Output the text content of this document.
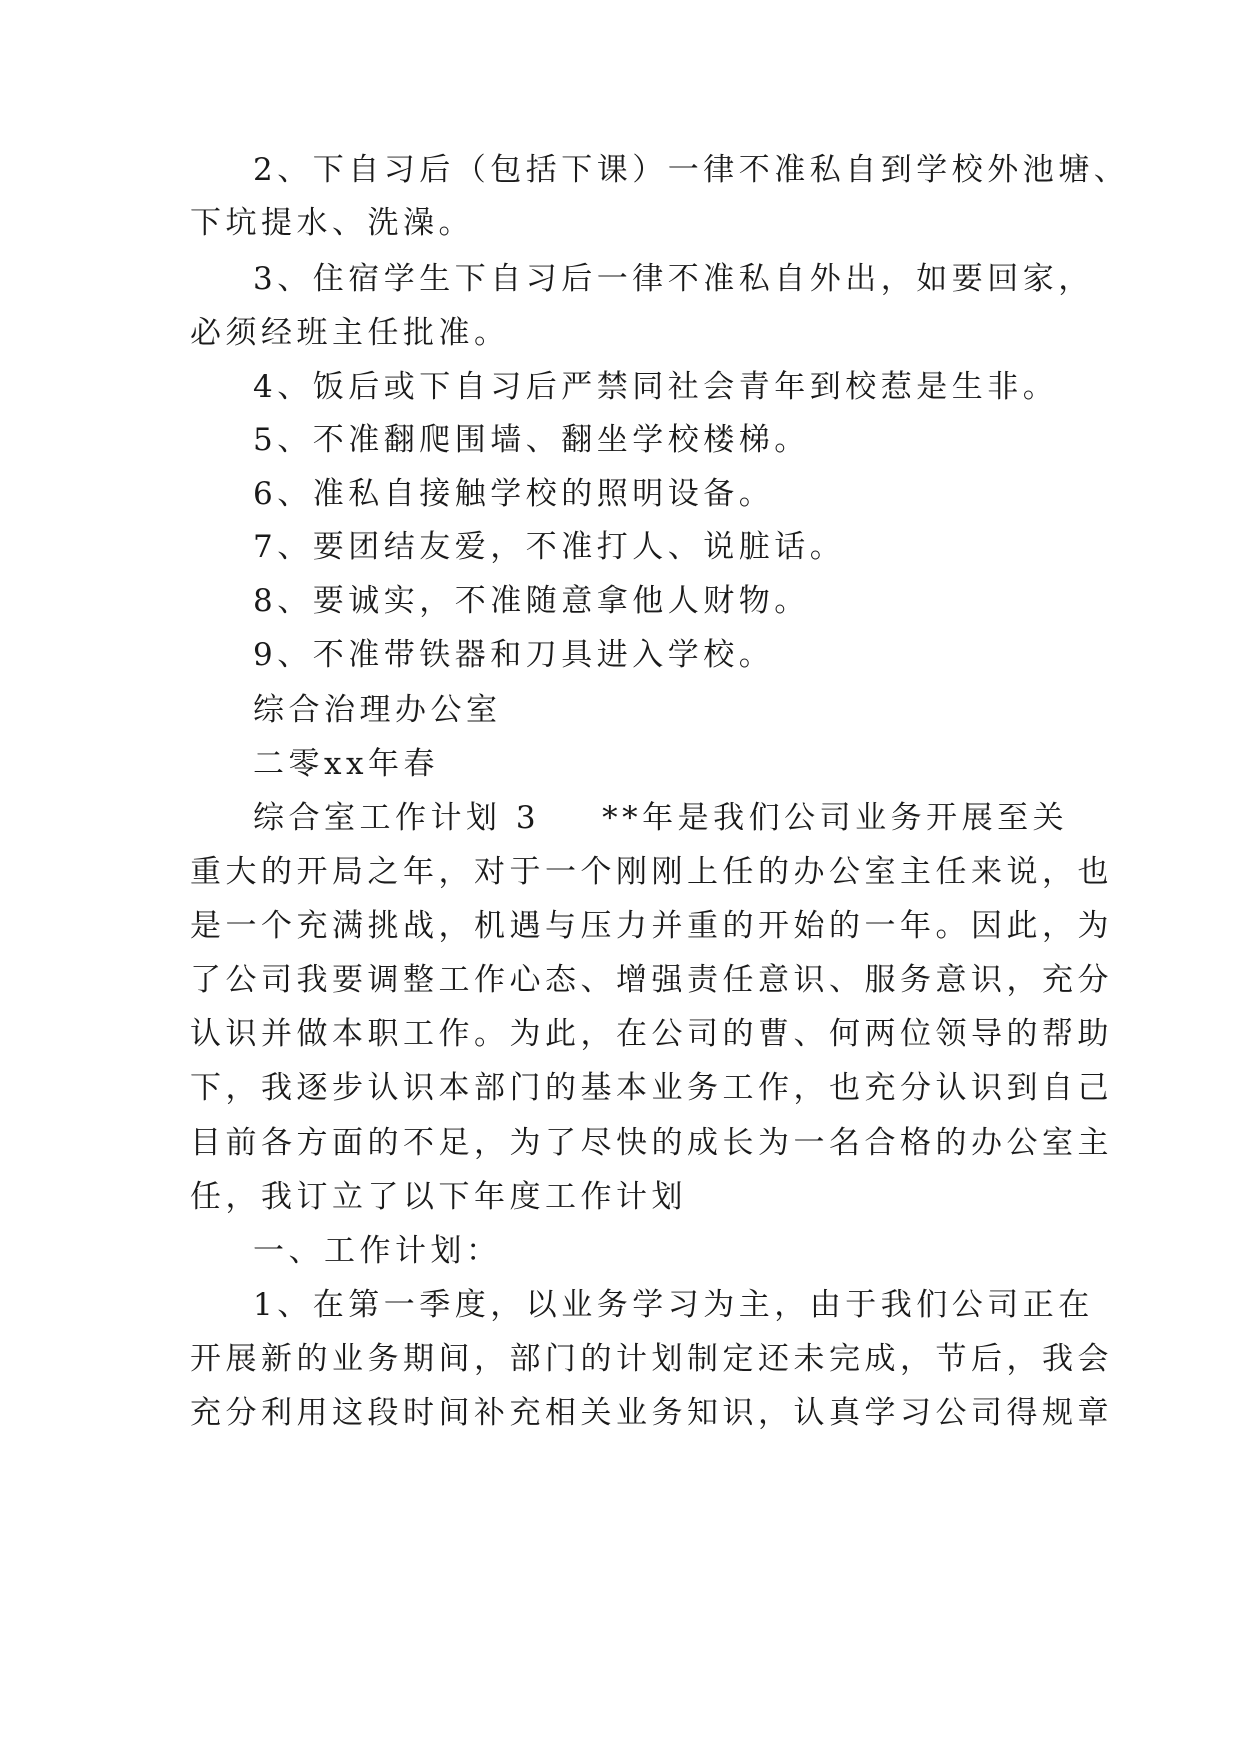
2、下自习后（包括下课）一律不准私自到学校外池塘、
下坑提水、洗澡。
3、住宿学生下自习后一律不准私自外出，如要回家，
必须经班主任批准。
4、饭后或下自习后严禁同社会青年到校惹是生非。
5、不准翻爬围墙、翻坐学校楼梯。
6、准私自接触学校的照明设备。
7、要团结友爱，不准打人、说脏话。
8、要诚实，不准随意拿他人财物。
9、不准带铁器和刀具进入学校。
综合治理办公室
二零xx年春
综合室工作计划 3 **年是我们公司业务开展至关
重大的开局之年，对于一个刚刚上任的办公室主任来说，也
是一个充满挑战，机遇与压力并重的开始的一年。因此，为
了公司我要调整工作心态、增强责任意识、服务意识，充分
认识并做本职工作。为此，在公司的曹、何两位领导的帮助
下，我逐步认识本部门的基本业务工作，也充分认识到自己
目前各方面的不足，为了尽快的成长为一名合格的办公室主
任，我订立了以下年度工作计划
一、工作计划：
1、在第一季度，以业务学习为主，由于我们公司正在
开展新的业务期间，部门的计划制定还未完成，节后，我会
充分利用这段时间补充相关业务知识，认真学习公司得规章
